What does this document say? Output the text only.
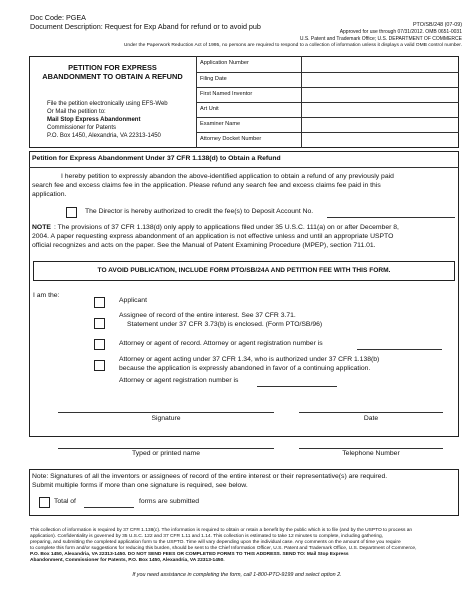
Doc Code: PGEA
Document Description: Request for Exp Aband for refund or to avoid pub	PTO/SB/248 (07-09)
Approved for use through 07/31/2012. OMB 0651-0031
U.S. Patent and Trademark Office; U.S. DEPARTMENT OF COMMERCE
Under the Paperwork Reduction Act of 1995, no persons are required to respond to a collection of information unless it displays a valid OMB control number.
PETITION FOR EXPRESS
ABANDONMENT TO OBTAIN A REFUND
File the petition electronically using EFS-Web
Or Mail the petition to:
Mail Stop Express Abandonment
Commissioner for Patents
P.O. Box 1450, Alexandria, VA 22313-1450
Application Number
Filing Date
First Named Inventor
Art Unit
Examiner Name
Attorney Docket Number
Petition for Express Abandonment Under 37 CFR 1.138(d) to Obtain a Refund
I hereby petition to expressly abandon the above-identified application to obtain a refund of any previously paid
search fee and excess claims fee in the application. Please refund any search fee and excess claims fee paid in this
application.
The Director is hereby authorized to credit the fee(s) to Deposit Account No.
NOTE : The provisions of 37 CFR 1.138(d) only apply to applications filed under 35 U.S.C. 111(a) on or after December 8,
2004. A paper requesting express abandonment of an application is not effective unless and until an appropriate USPTO
official recognizes and acts on the paper. See the Manual of Patent Examining Procedure (MPEP), section 711.01.
TO AVOID PUBLICATION, INCLUDE FORM PTO/SB/24A AND PETITION FEE WITH THIS FORM.
I am the:
Applicant
Assignee of record of the entire interest. See 37 CFR 3.71.
Statement under 37 CFR 3.73(b) is enclosed. (Form PTO/SB/96)
Attorney or agent of record. Attorney or agent registration number is
Attorney or agent acting under 37 CFR 1.34, who is authorized under 37 CFR 1.138(b)
because the application is expressly abandoned in favor of a continuing application.
Attorney or agent registration number is
Signature	Date
Typed or printed name	Telephone Number
Note: Signatures of all the inventors or assignees of record of the entire interest or their representative(s) are required.
Submit multiple forms if more than one signature is required, see below.
Total of	forms are submitted
This collection of information is required by 37 CFR 1.138(c). The information is required to obtain or retain a benefit by the public which is to file (and by the USPTO to process an
application). Confidentiality is governed by 35 U.S.C. 122 and 37 CFR 1.11 and 1.14. This collection is estimated to take 12 minutes to complete, including gathering,
preparing, and submitting the completed application form to the USPTO. Time will vary depending upon the individual case. Any comments on the amount of time you require
to complete this form and/or suggestions for reducing this burden, should be sent to the Chief Information Officer, U.S. Patent and Trademark Office, U.S. Department of Commerce,
P.O. Box 1450, Alexandria, VA 22313-1450. DO NOT SEND FEES OR COMPLETED FORMS TO THIS ADDRESS. SEND TO: Mail Stop Express
Abandonment, Commissioner for Patents, P.O. Box 1450, Alexandria, VA 22313-1450.
If you need assistance in completing the form, call 1-800-PTO-9199 and select option 2.
